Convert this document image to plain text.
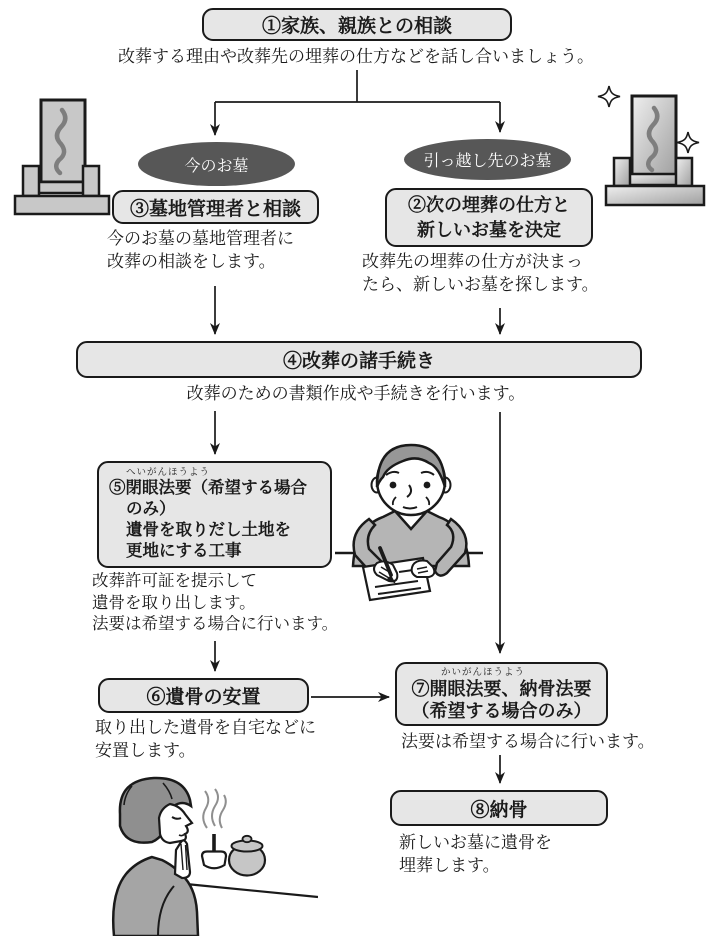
①家族、親族との相談
改葬する理由や改葬先の埋葬の仕方などを話し合いましょう。
今のお墓	引っ越し先のお墓
③墓地管理者と相談
今のお墓の墓地管理者に
改葬の相談をします。
②次の埋葬の仕方と
新しいお墓を決定
改葬先の埋葬の仕方が決まっ
たら、新しいお墓を探します。
④改葬の諸手続き
改葬のための書類作成や手続きを行います。
へいがんほうよう
⑤閉眼法要（希望する場合
のみ）
遺骨を取りだし土地を
更地にする工事
改葬許可証を提示して
遺骨を取り出します。
法要は希望する場合に行います。
⑥遺骨の安置
取り出した遺骨を自宅などに
安置します。
かいがんほうよう
⑦開眼法要、納骨法要
（希望する場合のみ）
法要は希望する場合に行います。
⑧納骨
新しいお墓に遺骨を
埋葬します。
